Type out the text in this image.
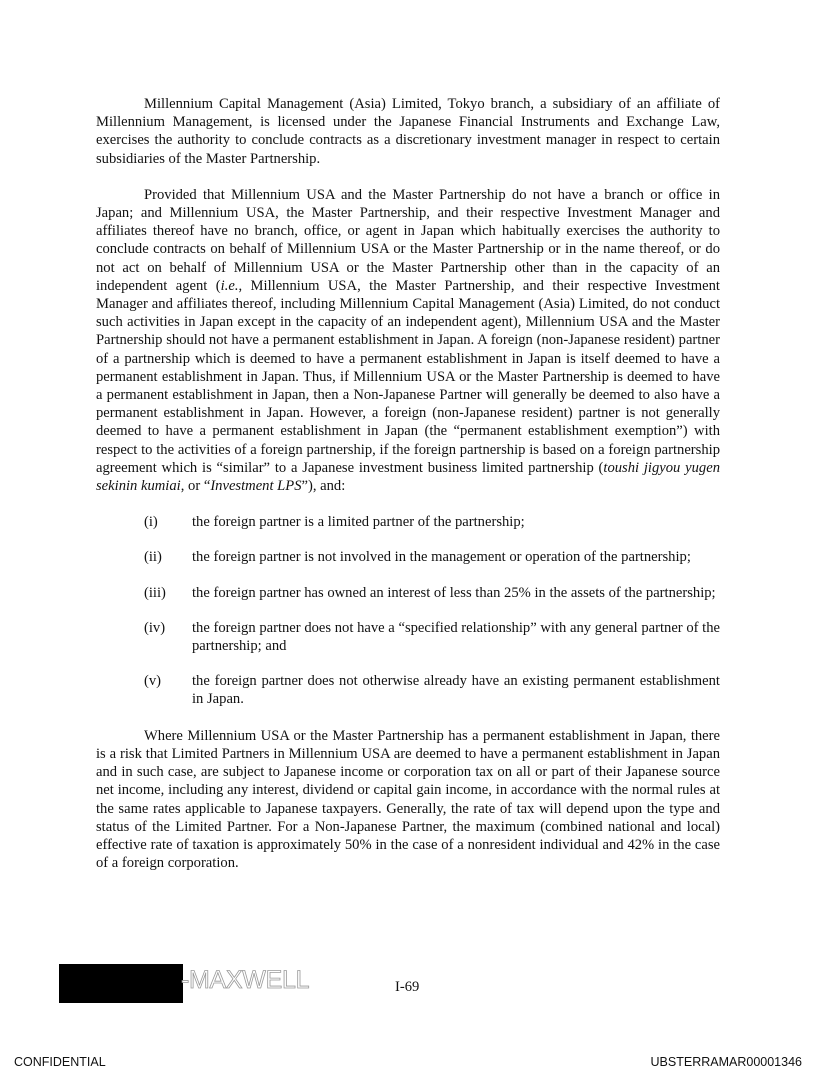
Millennium Capital Management (Asia) Limited, Tokyo branch, a subsidiary of an affiliate of Millennium Management, is licensed under the Japanese Financial Instruments and Exchange Law, exercises the authority to conclude contracts as a discretionary investment manager in respect to certain subsidiaries of the Master Partnership.

Provided that Millennium USA and the Master Partnership do not have a branch or office in Japan; and Millennium USA, the Master Partnership, and their respective Investment Manager and affiliates thereof have no branch, office, or agent in Japan which habitually exercises the authority to conclude contracts on behalf of Millennium USA or the Master Partnership or in the name thereof, or do not act on behalf of Millennium USA or the Master Partnership other than in the capacity of an independent agent (i.e., Millennium USA, the Master Partnership, and their respective Investment Manager and affiliates thereof, including Millennium Capital Management (Asia) Limited, do not conduct such activities in Japan except in the capacity of an independent agent), Millennium USA and the Master Partnership should not have a permanent establishment in Japan. A foreign (non-Japanese resident) partner of a partnership which is deemed to have a permanent establishment in Japan is itself deemed to have a permanent establishment in Japan. Thus, if Millennium USA or the Master Partnership is deemed to have a permanent establishment in Japan, then a Non-Japanese Partner will generally be deemed to also have a permanent establishment in Japan. However, a foreign (non-Japanese resident) partner is not generally deemed to have a permanent establishment in Japan (the “permanent establishment exemption”) with respect to the activities of a foreign partnership, if the foreign partnership is based on a foreign partnership agreement which is “similar” to a Japanese investment business limited partnership (toushi jigyou yugen sekinin kumiai, or “Investment LPS”), and:

(i)	the foreign partner is a limited partner of the partnership;
(ii)	the foreign partner is not involved in the management or operation of the partnership;
(iii)	the foreign partner has owned an interest of less than 25% in the assets of the partnership;
(iv)	the foreign partner does not have a “specified relationship” with any general partner of the partnership; and
(v)	the foreign partner does not otherwise already have an existing permanent establishment in Japan.

Where Millennium USA or the Master Partnership has a permanent establishment in Japan, there is a risk that Limited Partners in Millennium USA are deemed to have a permanent establishment in Japan and in such case, are subject to Japanese income or corporation tax on all or part of their Japanese source net income, including any interest, dividend or capital gain income, in accordance with the normal rules at the same rates applicable to Japanese taxpayers. Generally, the rate of tax will depend upon the type and status of the Limited Partner. For a Non-Japanese Partner, the maximum (combined national and local) effective rate of taxation is approximately 50% in the case of a nonresident individual and 42% in the case of a foreign corporation.

-MAXWELL	I-69
CONFIDENTIAL	UBSTERRAMAR00001346
